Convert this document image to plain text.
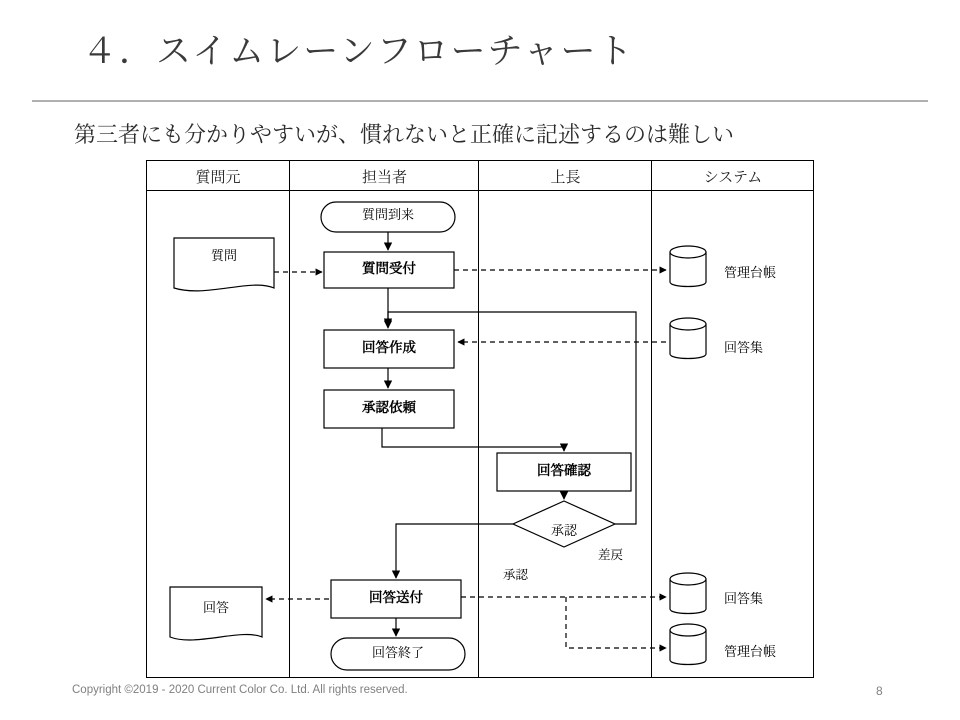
４．スイムレーンフローチャート
第三者にも分かりやすいが、慣れないと正確に記述するのは難しい
質問元	担当者	上長	システム
質問到来
質問
質問受付
回答作成
承認依頼
回答確認
承認
回答送付
回答
回答終了
管理台帳
回答集
回答集
管理台帳
承認
差戻
Copyright ©2019 - 2020 Current Color Co. Ltd. All rights reserved.	8
